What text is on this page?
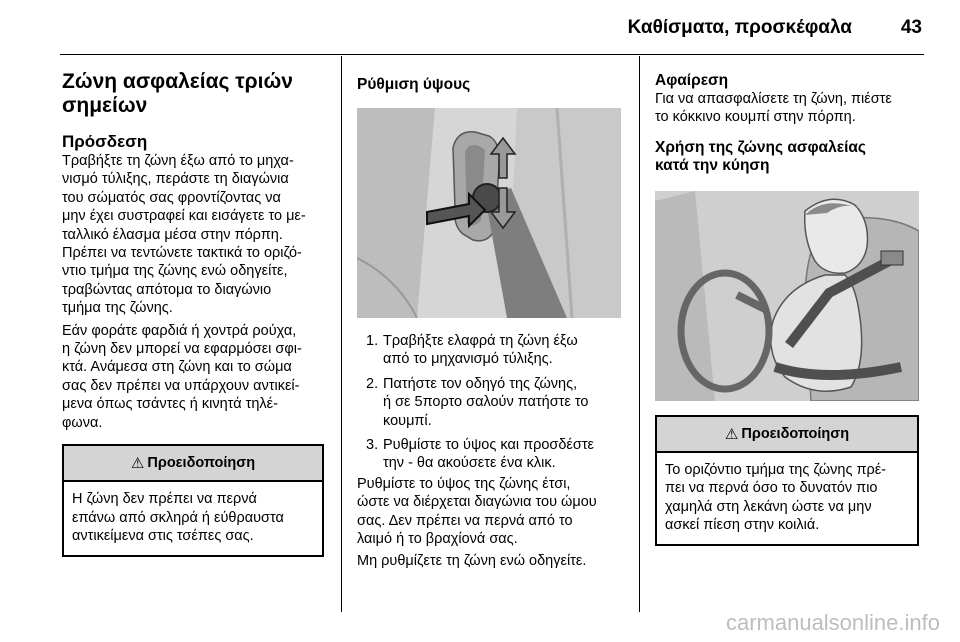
Καθίσματα, προσκέφαλα	43
Ζώνη ασφαλείας τριών
σημείων
Πρόσδεση
Τραβήξτε τη ζώνη έξω από το μηχα-
νισμό τύλιξης, περάστε τη διαγώνια
του σώματός σας φροντίζοντας να
μην έχει συστραφεί και εισάγετε το με-
ταλλικό έλασμα μέσα στην πόρπη.
Πρέπει να τεντώνετε τακτικά το οριζό-
ντιο τμήμα της ζώνης ενώ οδηγείτε,
τραβώντας απότομα το διαγώνιο
τμήμα της ζώνης.
Εάν φοράτε φαρδιά ή χοντρά ρούχα,
η ζώνη δεν μπορεί να εφαρμόσει σφι-
κτά. Ανάμεσα στη ζώνη και το σώμα
σας δεν πρέπει να υπάρχουν αντικεί-
μενα όπως τσάντες ή κινητά τηλέ-
φωνα.
⚠ Προειδοποίηση
Η ζώνη δεν πρέπει να περνά
επάνω από σκληρά ή εύθραυστα
αντικείμενα στις τσέπες σας.
Ρύθμιση ύψους
1. Τραβήξτε ελαφρά τη ζώνη έξω
από το μηχανισμό τύλιξης.
2. Πατήστε τον οδηγό της ζώνης,
ή σε 5πορτο σαλούν πατήστε το
κουμπί.
3. Ρυθμίστε το ύψος και προσδέστε
την - θα ακούσετε ένα κλικ.
Ρυθμίστε το ύψος της ζώνης έτσι,
ώστε να διέρχεται διαγώνια του ώμου
σας. Δεν πρέπει να περνά από το
λαιμό ή το βραχίονά σας.
Μη ρυθμίζετε τη ζώνη ενώ οδηγείτε.
Αφαίρεση
Για να απασφαλίσετε τη ζώνη, πιέστε
το κόκκινο κουμπί στην πόρπη.
Χρήση της ζώνης ασφαλείας
κατά την κύηση
⚠ Προειδοποίηση
Το οριζόντιο τμήμα της ζώνης πρέ-
πει να περνά όσο το δυνατόν πιο
χαμηλά στη λεκάνη ώστε να μην
ασκεί πίεση στην κοιλιά.
carmanualsonline.info
